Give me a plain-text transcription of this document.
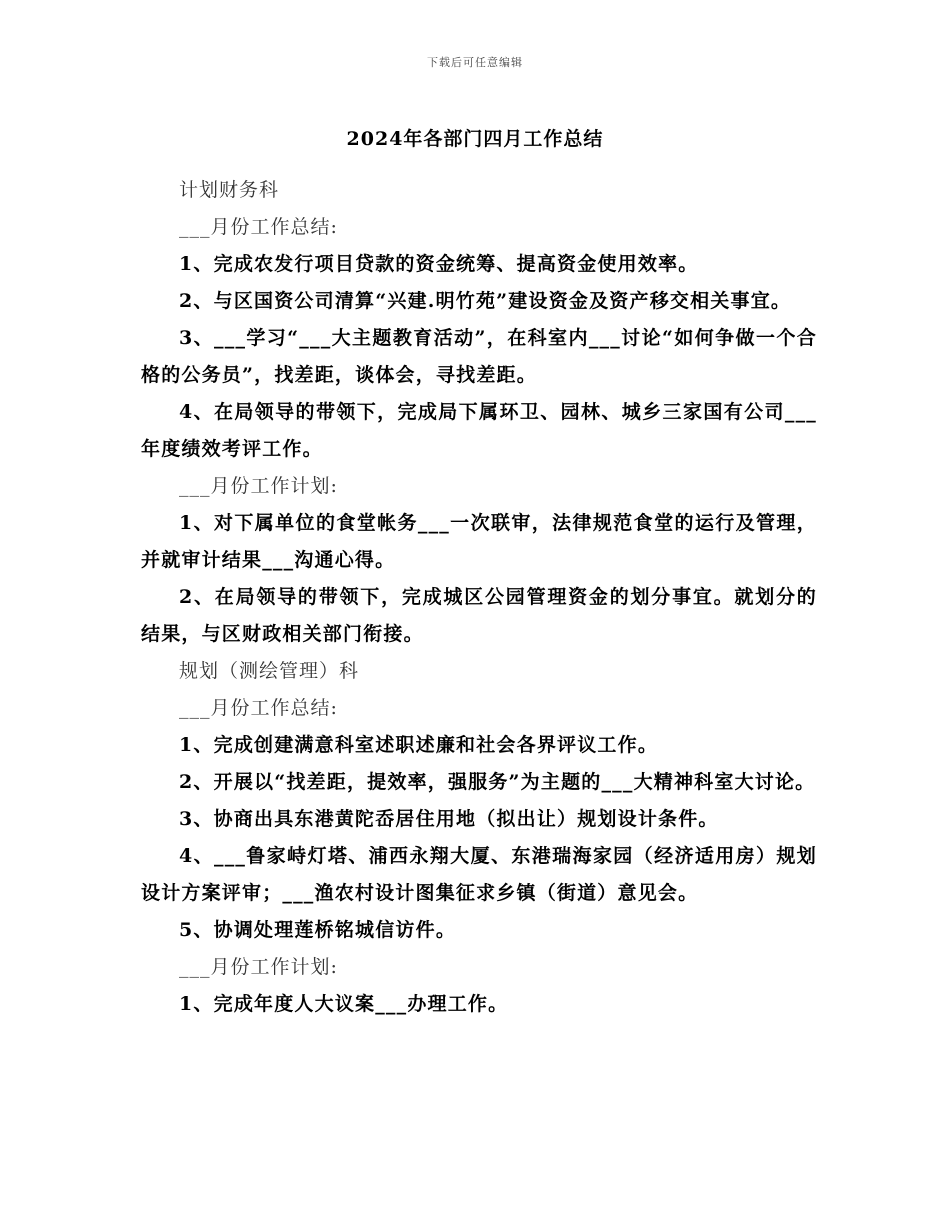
下载后可任意编辑
2024年各部门四月工作总结

计划财务科

___月份工作总结:

1、完成农发行项目贷款的资金统筹、提高资金使用效率。

2、与区国资公司清算“兴建.明竹苑”建设资金及资产移交相关事宜。

3、___学习“___大主题教育活动”，在科室内___讨论“如何争做一个合格的公务员”，找差距，谈体会，寻找差距。

4、在局领导的带领下，完成局下属环卫、园林、城乡三家国有公司___年度绩效考评工作。

___月份工作计划:

1、对下属单位的食堂帐务___一次联审，法律规范食堂的运行及管理，并就审计结果___沟通心得。

2、在局领导的带领下，完成城区公园管理资金的划分事宜。就划分的结果，与区财政相关部门衔接。

规划（测绘管理）科

___月份工作总结:

1、完成创建满意科室述职述廉和社会各界评议工作。

2、开展以“找差距，提效率，强服务”为主题的___大精神科室大讨论。

3、协商出具东港黄陀岙居住用地（拟出让）规划设计条件。

4、___鲁家峙灯塔、浦西永翔大厦、东港瑞海家园（经济适用房）规划设计方案评审；___渔农村设计图集征求乡镇（街道）意见会。

5、协调处理莲桥铭城信访件。

___月份工作计划:

1、完成年度人大议案___办理工作。
